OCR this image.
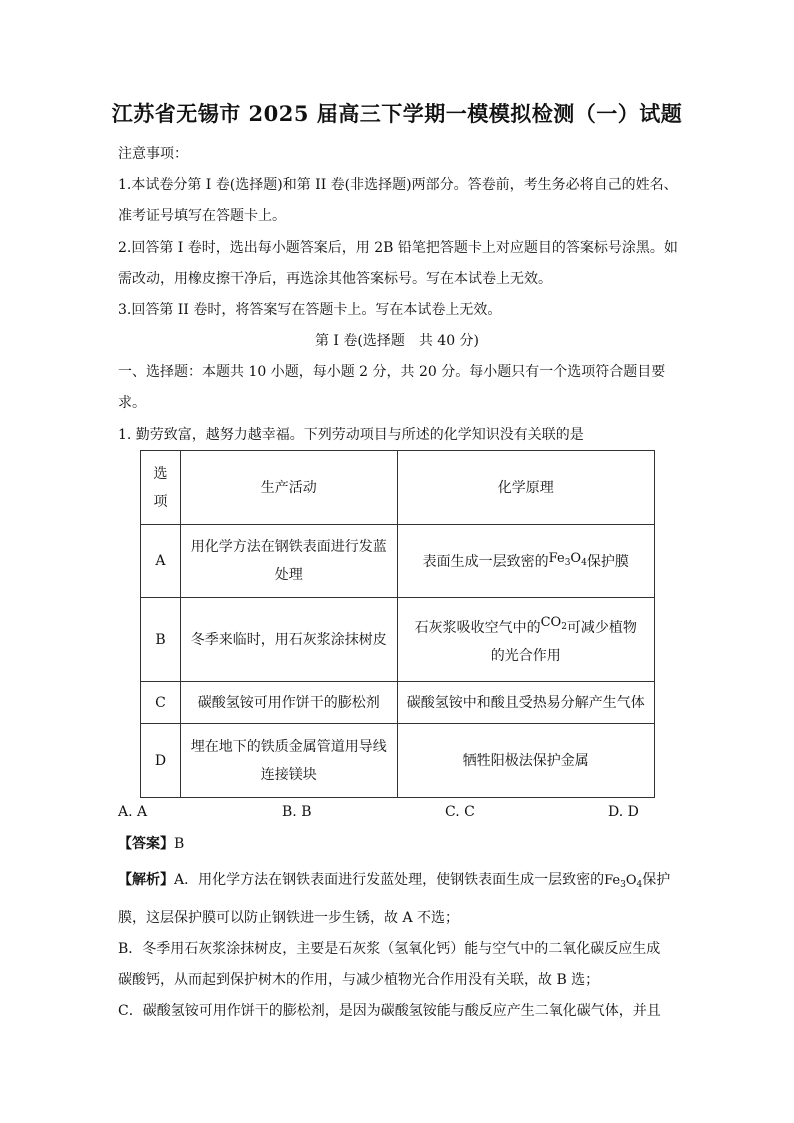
江苏省无锡市 2025 届高三下学期一模模拟检测（一）试题
注意事项：
1.本试卷分第 I 卷(选择题)和第 II 卷(非选择题)两部分。答卷前，考生务必将自己的姓名、
准考证号填写在答题卡上。
2.回答第 I 卷时，选出每小题答案后，用 2B 铅笔把答题卡上对应题目的答案标号涂黑。如
需改动，用橡皮擦干净后，再选涂其他答案标号。写在本试卷上无效。
3.回答第 II 卷时，将答案写在答题卡上。写在本试卷上无效。
第 I 卷(选择题　共 40 分)
一、选择题：本题共 10 小题，每小题 2 分，共 20 分。每小题只有一个选项符合题目要
求。
1. 勤劳致富，越努力越幸福。下列劳动项目与所述的化学知识没有关联的是
选
项	生产活动	化学原理
A	用化学方法在钢铁表面进行发蓝
处理	表面生成一层致密的$Fe_3O_4$保护膜
B	冬季来临时，用石灰浆涂抹树皮	石灰浆吸收空气中的$CO_2$可减少植物
的光合作用

C	碳酸氢铵可用作饼干的膨松剂	碳酸氢铵中和酸且受热易分解产生气体
D	埋在地下的铁质金属管道用导线
连接镁块	牺牲阳极法保护金属
A. A	B. B	C. C	D. D
【答案】B
【解析】A．用化学方法在钢铁表面进行发蓝处理，使钢铁表面生成一层致密的$Fe_3O_4$保护
膜，这层保护膜可以防止钢铁进一步生锈，故 A 不选；
B．冬季用石灰浆涂抹树皮，主要是石灰浆（氢氧化钙）能与空气中的二氧化碳反应生成
碳酸钙，从而起到保护树木的作用，与减少植物光合作用没有关联，故 B 选；
C．碳酸氢铵可用作饼干的膨松剂，是因为碳酸氢铵能与酸反应产生二氧化碳气体，并且
